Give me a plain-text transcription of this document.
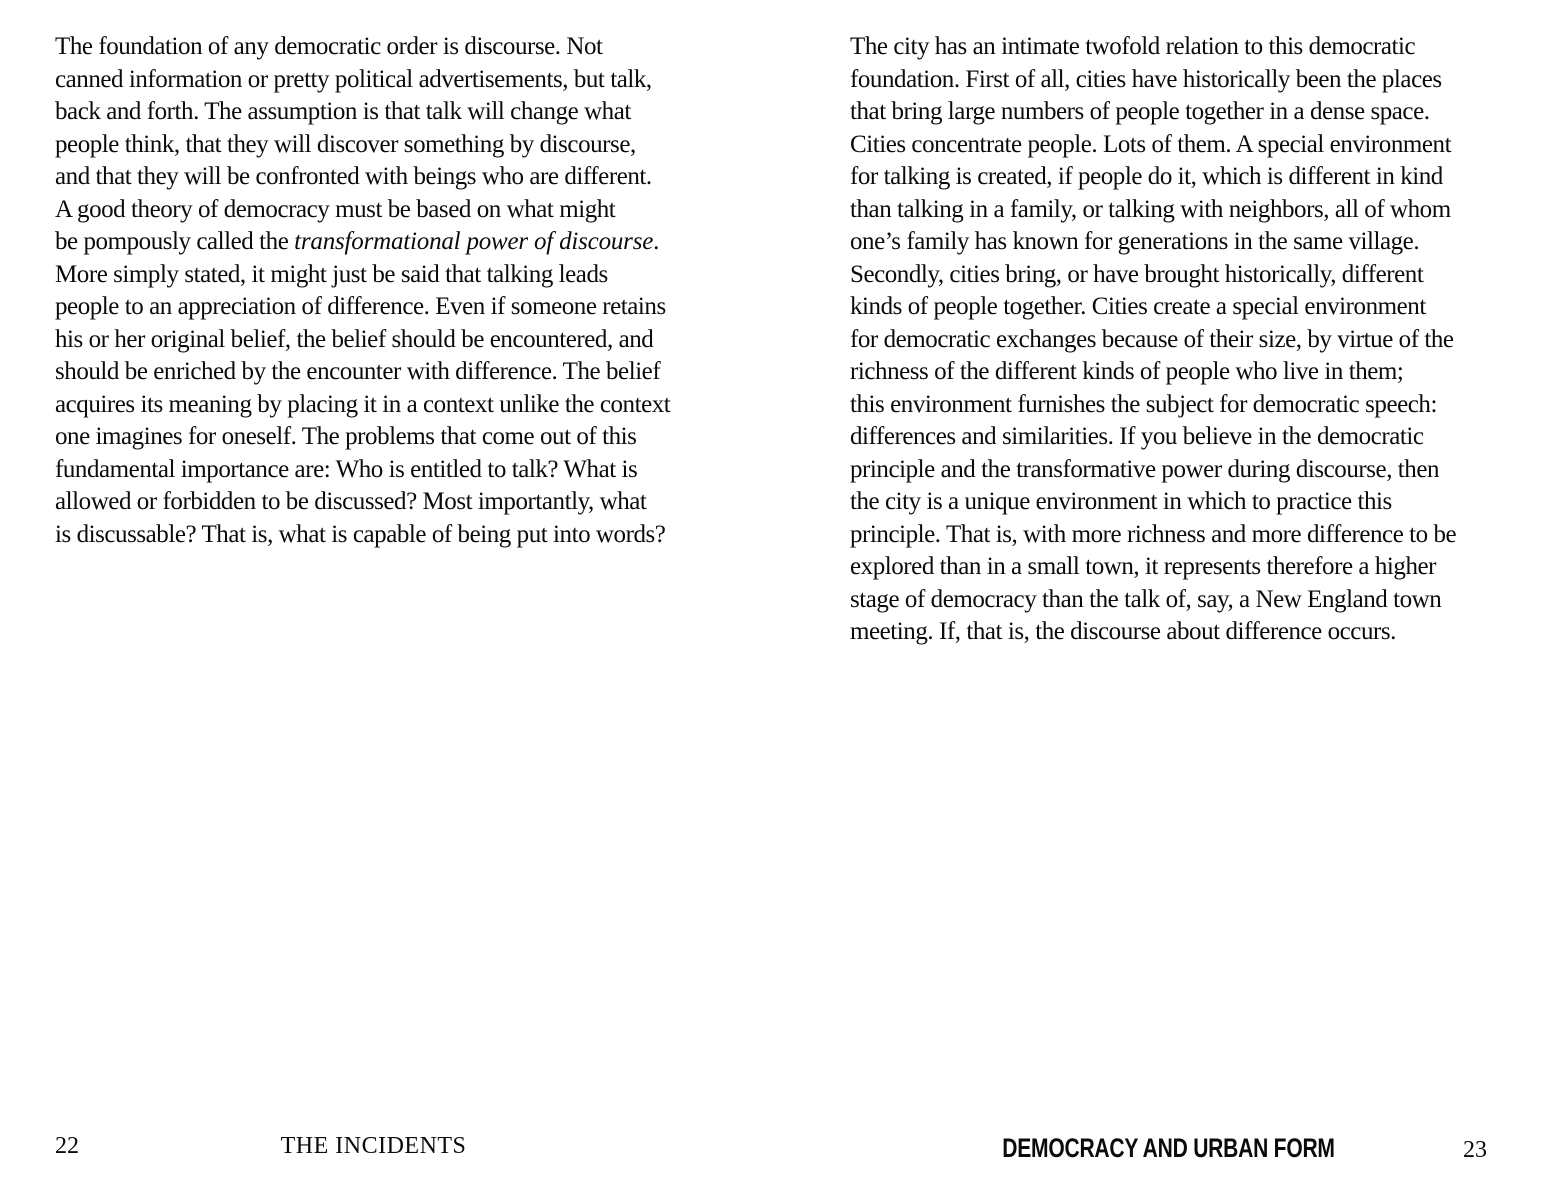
The foundation of any democratic order is discourse. Not
canned information or pretty political advertisements, but talk,
back and forth. The assumption is that talk will change what
people think, that they will discover something by discourse,
and that they will be confronted with beings who are different.
A good theory of democracy must be based on what might
be pompously called the transformational power of discourse.
More simply stated, it might just be said that talking leads
people to an appreciation of difference. Even if someone retains
his or her original belief, the belief should be encountered, and
should be enriched by the encounter with difference. The belief
acquires its meaning by placing it in a context unlike the context
one imagines for oneself. The problems that come out of this
fundamental importance are: Who is entitled to talk? What is
allowed or forbidden to be discussed? Most importantly, what
is discussable? That is, what is capable of being put into words?
22	THE INCIDENTS
The city has an intimate twofold relation to this democratic
foundation. First of all, cities have historically been the places
that bring large numbers of people together in a dense space.
Cities concentrate people. Lots of them. A special environment
for talking is created, if people do it, which is different in kind
than talking in a family, or talking with neighbors, all of whom
one’s family has known for generations in the same village.
Secondly, cities bring, or have brought historically, different
kinds of people together. Cities create a special environment
for democratic exchanges because of their size, by virtue of the
richness of the different kinds of people who live in them;
this environment furnishes the subject for democratic speech:
differences and similarities. If you believe in the democratic
principle and the transformative power during discourse, then
the city is a unique environment in which to practice this
principle. That is, with more richness and more difference to be
explored than in a small town, it represents therefore a higher
stage of democracy than the talk of, say, a New England town
meeting. If, that is, the discourse about difference occurs.
DEMOCRACY AND URBAN FORM	23
